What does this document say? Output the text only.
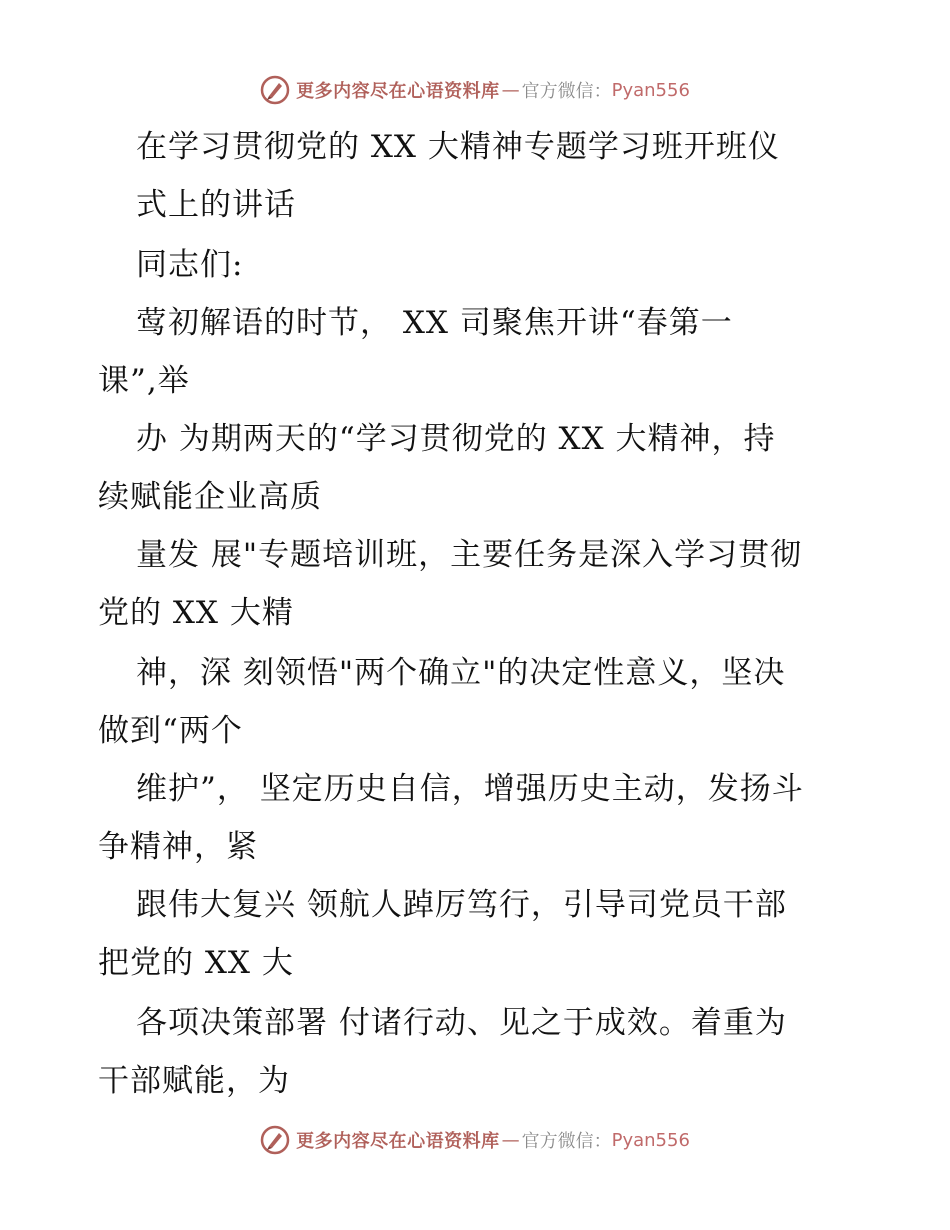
更多内容尽在心语资料库 — 官方微信： Pyan556
在学习贯彻党的 XX 大精神专题学习班开班仪
式上的讲话
同志们:
莺初解语的时节， XX 司聚焦开讲“春第一
课”,举
办 为期两天的“学习贯彻党的 XX 大精神，持
续赋能企业高质
量发 展"专题培训班，主要任务是深入学习贯彻
党的 XX 大精
神，深 刻领悟"两个确立"的决定性意义，坚决
做到“两个
维护”， 坚定历史自信，增强历史主动，发扬斗
争精神，紧
跟伟大复兴 领航人踔厉笃行，引导司党员干部
把党的 XX 大
各项决策部署 付诸行动、见之于成效。着重为
干部赋能，为
更多内容尽在心语资料库 — 官方微信： Pyan556
